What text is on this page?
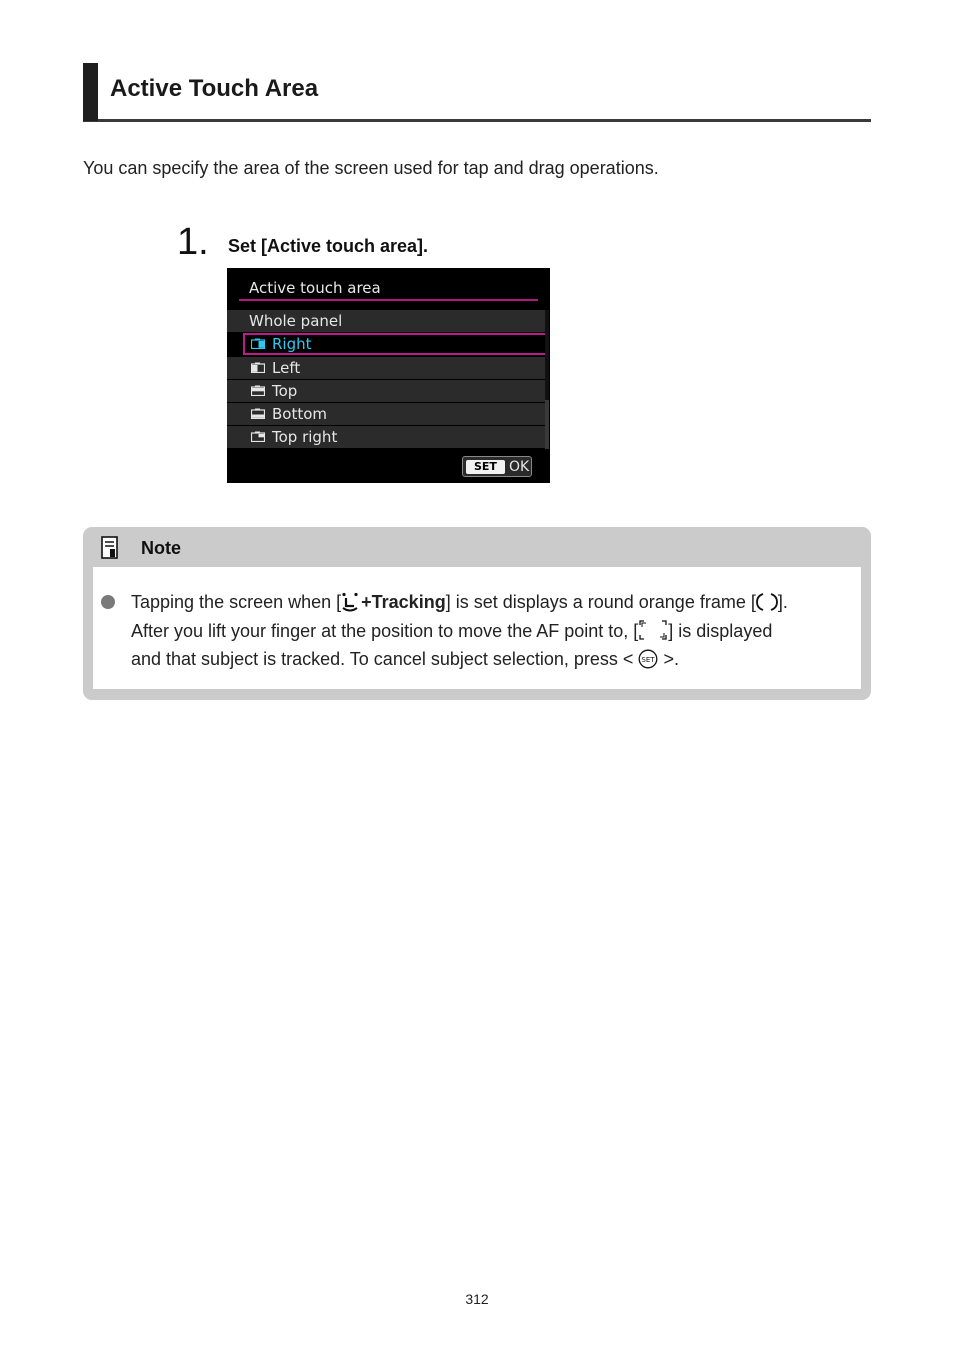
Active Touch Area

You can specify the area of the screen used for tap and drag operations.

1. Set [Active touch area].
Active touch area
Whole panel
Right
Left
Top
Bottom
Top right
SET OK
Note

Tapping the screen when [ +Tracking] is set displays a round orange frame [ ].
After you lift your finger at the position to move the AF point to, [ ] is displayed
and that subject is tracked. To cancel subject selection, press < SET >.

312
